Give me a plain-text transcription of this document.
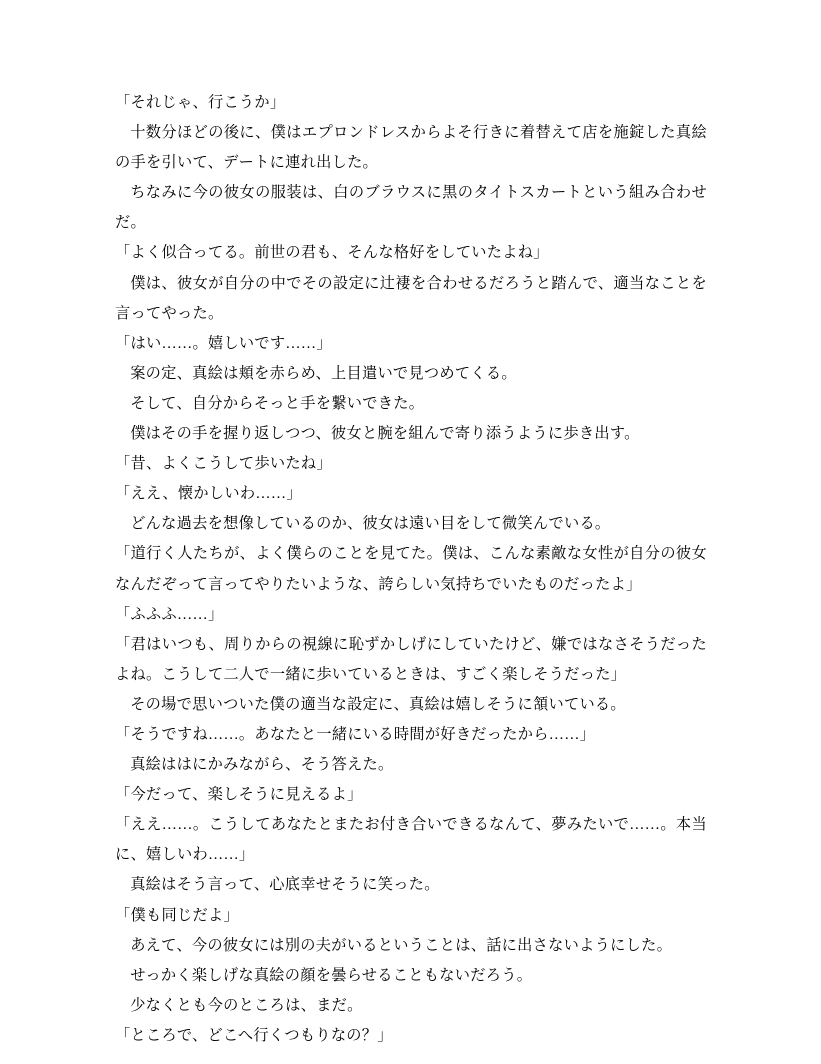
「それじゃ、行こうか」

十数分ほどの後に、僕はエプロンドレスからよそ行きに着替えて店を施錠した真絵の手を引いて、デートに連れ出した。

ちなみに今の彼女の服装は、白のブラウスに黒のタイトスカートという組み合わせだ。

「よく似合ってる。前世の君も、そんな格好をしていたよね」

僕は、彼女が自分の中でその設定に辻褄を合わせるだろうと踏んで、適当なことを言ってやった。

「はい……。嬉しいです……」

案の定、真絵は頬を赤らめ、上目遣いで見つめてくる。

そして、自分からそっと手を繋いできた。

僕はその手を握り返しつつ、彼女と腕を組んで寄り添うように歩き出す。

「昔、よくこうして歩いたね」

「ええ、懐かしいわ……」

どんな過去を想像しているのか、彼女は遠い目をして微笑んでいる。

「道行く人たちが、よく僕らのことを見てた。僕は、こんな素敵な女性が自分の彼女なんだぞって言ってやりたいような、誇らしい気持ちでいたものだったよ」

「ふふふ……」

「君はいつも、周りからの視線に恥ずかしげにしていたけど、嫌ではなさそうだったよね。こうして二人で一緒に歩いているときは、すごく楽しそうだった」

その場で思いついた僕の適当な設定に、真絵は嬉しそうに頷いている。

「そうですね……。あなたと一緒にいる時間が好きだったから……」

真絵ははにかみながら、そう答えた。

「今だって、楽しそうに見えるよ」

「ええ……。こうしてあなたとまたお付き合いできるなんて、夢みたいで……。本当に、嬉しいわ……」

真絵はそう言って、心底幸せそうに笑った。

「僕も同じだよ」

あえて、今の彼女には別の夫がいるということは、話に出さないようにした。

せっかく楽しげな真絵の顔を曇らせることもないだろう。

少なくとも今のところは、まだ。

「ところで、どこへ行くつもりなの？」
